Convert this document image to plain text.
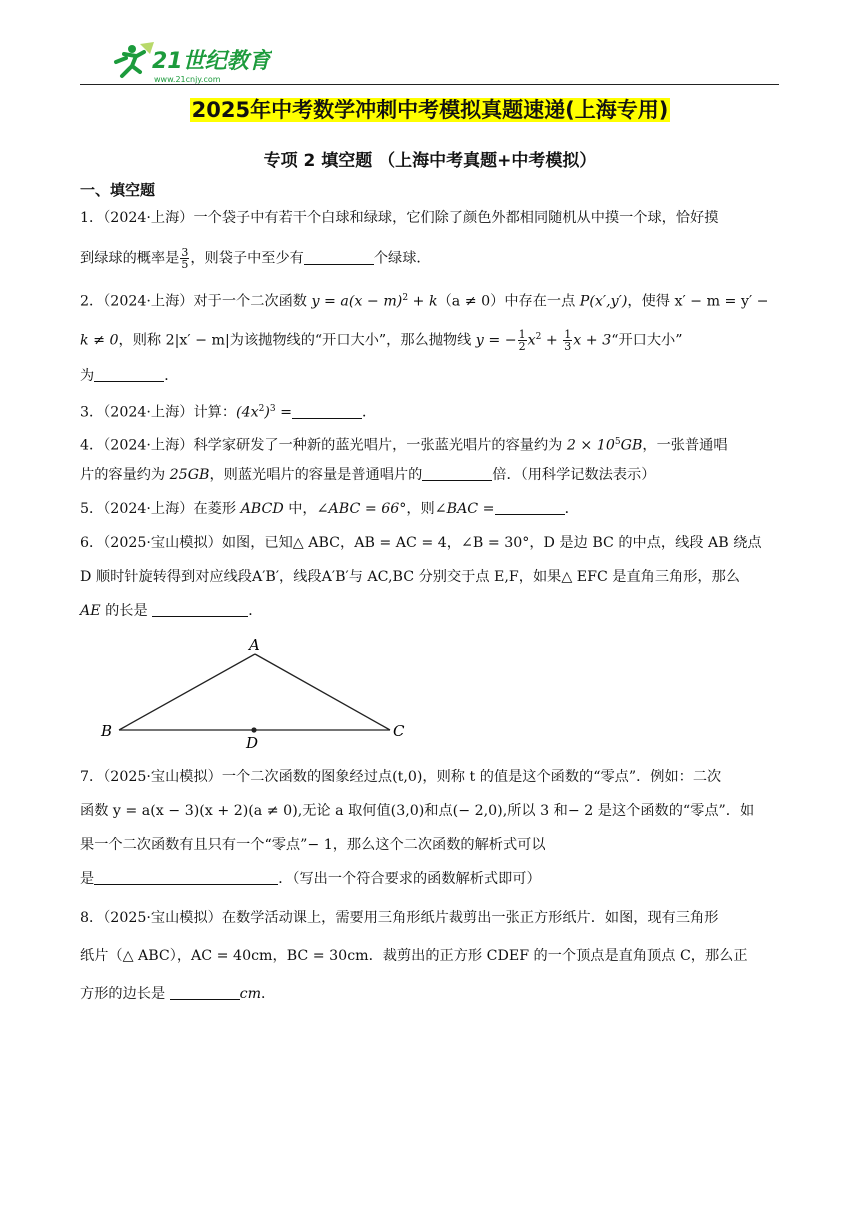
21世纪教育
www.21cnjy.com
2025年中考数学冲刺中考模拟真题速递(上海专用)
专项 2 填空题 （上海中考真题+中考模拟）
一、填空题
1．（2024·上海）一个袋子中有若干个白球和绿球，它们除了颜色外都相同随机从中摸一个球，恰好摸
到绿球的概率是 $\frac{3}{5}$ ，则袋子中至少有	个绿球．
2．（2024·上海）对于一个二次函数 $y = a(x - m)^2 + k(a \ne 0)$中存在一点 P(x′,y′)，使得 x′ − m = y′ −
k ≠ 0，则称 2|x′ − m|为该抛物线的“开口大小”，那么抛物线 y = − $\frac{1}{2} x^2 + \frac{1}{3}$ x + 3“开口大小”
为	．
3．（2024·上海）计算：$(4x^2)^3$ =	．
4．（2024·上海）科学家研发了一种新的蓝光唱片，一张蓝光唱片的容量约为 $2 \times 10^5GB$，一张普通唱
片的容量约为 25GB，则蓝光唱片的容量是普通唱片的	倍．（用科学记数法表示）
5．（2024·上海）在菱形 ABCD 中，∠ABC = 66°，则∠BAC =	．
6．（2025·宝山模拟）如图，已知△ ABC，AB = AC = 4，∠B = 30°，D 是边 BC 的中点，线段 AB 绕点
D 顺时针旋转得到对应线段A′B′，线段A′B′与 AC,BC 分别交于点 E,F，如果△ EFC 是直角三角形，那么
AE 的长是	．
A
B	C
D
7．（2025·宝山模拟）一个二次函数的图象经过点(t,0)，则称 t 的值是这个函数的“零点”．例如：二次
函数 y = a(x − 3)(x + 2)(a ≠ 0),无论 a 取何值(3,0)和点(− 2,0),所以 3 和− 2 是这个函数的“零点”．如
果一个二次函数有且只有一个“零点”− 1，那么这个二次函数的解析式可以
是	．（写出一个符合要求的函数解析式即可）
8．（2025·宝山模拟）在数学活动课上，需要用三角形纸片裁剪出一张正方形纸片．如图，现有三角形
纸片（△ ABC），AC = 40cm，BC = 30cm．裁剪出的正方形 CDEF 的一个顶点是直角顶点 C，那么正
方形的边长是	cm．
